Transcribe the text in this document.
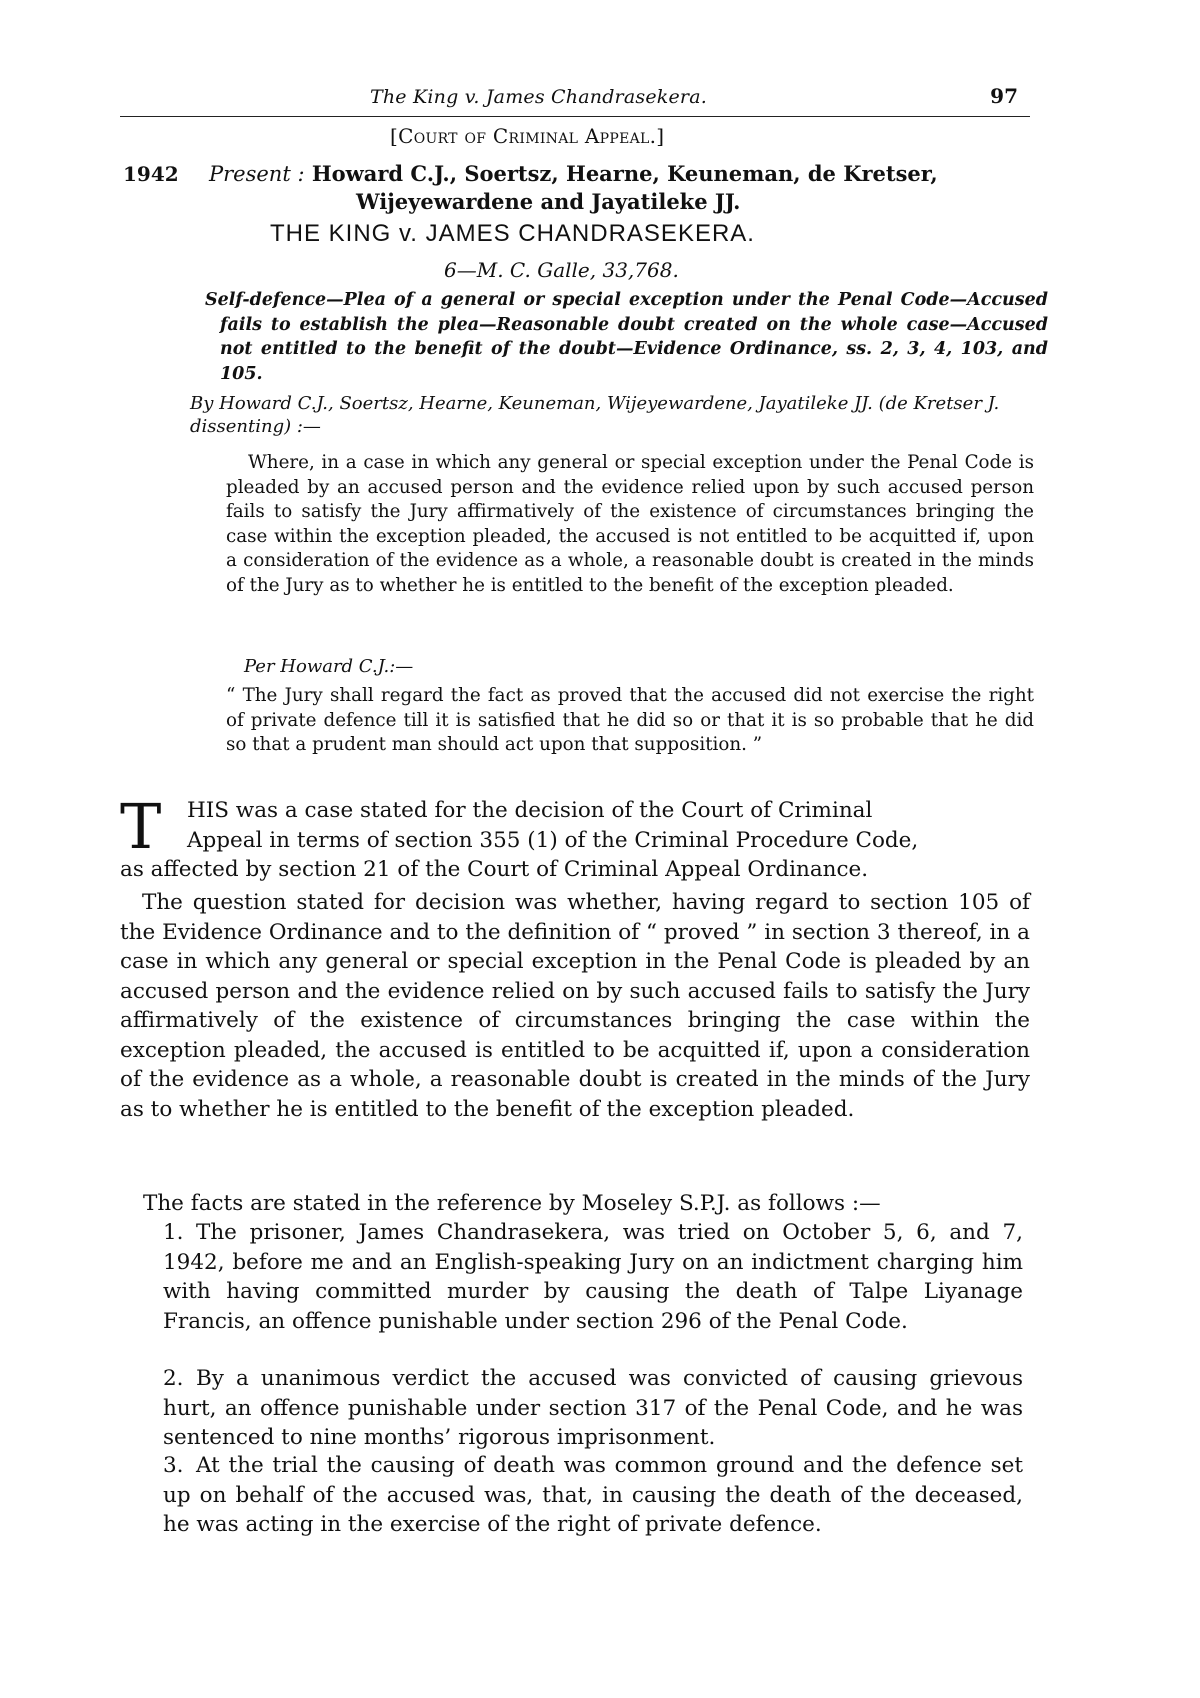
The King v. James Chandrasekera.	97
[Court of Criminal Appeal.]
1942 Present : Howard C.J., Soertsz, Hearne, Keuneman, de Kretser,
Wijeyewardene and Jayatileke JJ.
THE KING v. JAMES CHANDRASEKERA.
6—M. C. Galle, 33,768.

Self-defence—Plea of a general or special exception under the Penal Code—Accused fails to establish the plea—Reasonable doubt created on the whole case—Accused not entitled to the benefit of the doubt—Evidence Ordinance, ss. 2, 3, 4, 103, and 105.

By Howard C.J., Soertsz, Hearne, Keuneman, Wijeyewardene, Jayatileke JJ. (de Kretser J. dissenting) :—

Where, in a case in which any general or special exception under the Penal Code is pleaded by an accused person and the evidence relied upon by such accused person fails to satisfy the Jury affirmatively of the existence of circumstances bringing the case within the exception pleaded, the accused is not entitled to be acquitted if, upon a consideration of the evidence as a whole, a reasonable doubt is created in the minds of the Jury as to whether he is entitled to the benefit of the exception pleaded.

Per Howard C.J.:—

“ The Jury shall regard the fact as proved that the accused did not exercise the right of private defence till it is satisfied that he did so or that it is so probable that he did so that a prudent man should act upon that supposition. ”

T	HIS was a case stated for the decision of the Court of Criminal
Appeal in terms of section 355 (1) of the Criminal Procedure Code,
as affected by section 21 of the Court of Criminal Appeal Ordinance.

The question stated for decision was whether, having regard to section 105 of the Evidence Ordinance and to the definition of “ proved ” in section 3 thereof, in a case in which any general or special exception in the Penal Code is pleaded by an accused person and the evidence relied on by such accused fails to satisfy the Jury affirmatively of the existence of circumstances bringing the case within the exception pleaded, the accused is entitled to be acquitted if, upon a consideration of the evidence as a whole, a reasonable doubt is created in the minds of the Jury as to whether he is entitled to the benefit of the exception pleaded.

The facts are stated in the reference by Moseley S.P.J. as follows :—

1. The prisoner, James Chandrasekera, was tried on October 5, 6, and 7, 1942, before me and an English-speaking Jury on an indictment charging him with having committed murder by causing the death of Talpe Liyanage Francis, an offence punishable under section 296 of the Penal Code.

2. By a unanimous verdict the accused was convicted of causing grievous hurt, an offence punishable under section 317 of the Penal Code, and he was sentenced to nine months’ rigorous imprisonment.

3. At the trial the causing of death was common ground and the defence set up on behalf of the accused was, that, in causing the death of the deceased, he was acting in the exercise of the right of private defence.
